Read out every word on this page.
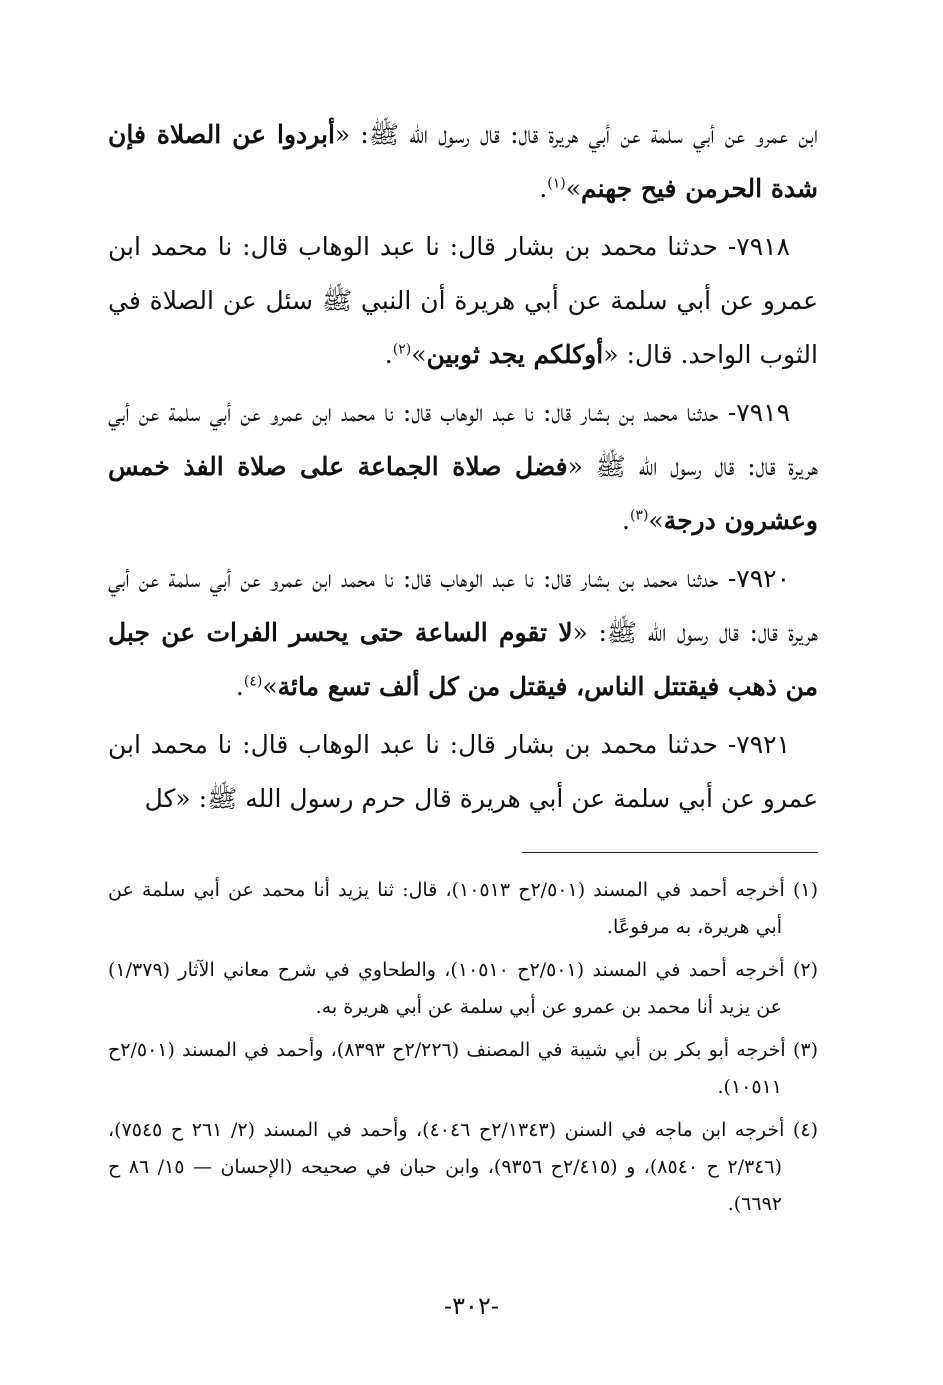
ابن عمرو عن أبي سلمة عن أبي هريرة قال: قال رسول الله ﷺ: «أبردوا عن الصلاة فإن شدة الحرمن فيح جهنم»$^{(١)}$.

٧٩١٨- حدثنا محمد بن بشار قال: نا عبد الوهاب قال: نا محمد ابن عمرو عن أبي سلمة عن أبي هريرة أن النبي ﷺ سئل عن الصلاة في الثوب الواحد. قال: «أوكلكم يجد ثوبين»$^{(٢)}$.

٧٩١٩- حدثنا محمد بن بشار قال: نا عبد الوهاب قال: نا محمد ابن عمرو عن أبي سلمة عن أبي هريرة قال: قال رسول الله ﷺ «فضل صلاة الجماعة على صلاة الفذ خمس وعشرون درجة»$^{(٣)}$.

٧٩٢٠- حدثنا محمد بن بشار قال: نا عبد الوهاب قال: نا محمد ابن عمرو عن أبي سلمة عن أبي هريرة قال: قال رسول الله ﷺ: «لا تقوم الساعة حتى يحسر الفرات عن جبل من ذهب فيقتتل الناس، فيقتل من كل ألف تسع مائة»$^{(٤)}$.

٧٩٢١- حدثنا محمد بن بشار قال: نا عبد الوهاب قال: نا محمد ابن عمرو عن أبي سلمة عن أبي هريرة قال حرم رسول الله ﷺ: «كل

(١) أخرجه أحمد في المسند (٢/٥٠١ح ١٠٥١٣)، قال: ثنا يزيد أنا محمد عن أبي سلمة عن أبي هريرة، به مرفوعًا.

(٢) أخرجه أحمد في المسند (٢/٥٠١ح ١٠٥١٠)، والطحاوي في شرح معاني الآثار (١/٣٧٩) عن يزيد أنا محمد بن عمرو عن أبي سلمة عن أبي هريرة به.

(٣) أخرجه أبو بكر بن أبي شيبة في المصنف (٢/٢٢٦ح ٨٣٩٣)، وأحمد في المسند (٢/٥٠١ح ١٠٥١١).

(٤) أخرجه ابن ماجه في السنن (٢/١٣٤٣ح ٤٠٤٦)، وأحمد في المسند (٢/ ٢٦١ ح ٧٥٤٥)، (٢/٣٤٦ ح ٨٥٤٠)، و (٢/٤١٥ح ٩٣٥٦)، وابن حبان في صحيحه (الإحسان — ١٥/ ٨٦ ح ٦٦٩٢).

-٣٠٢-
